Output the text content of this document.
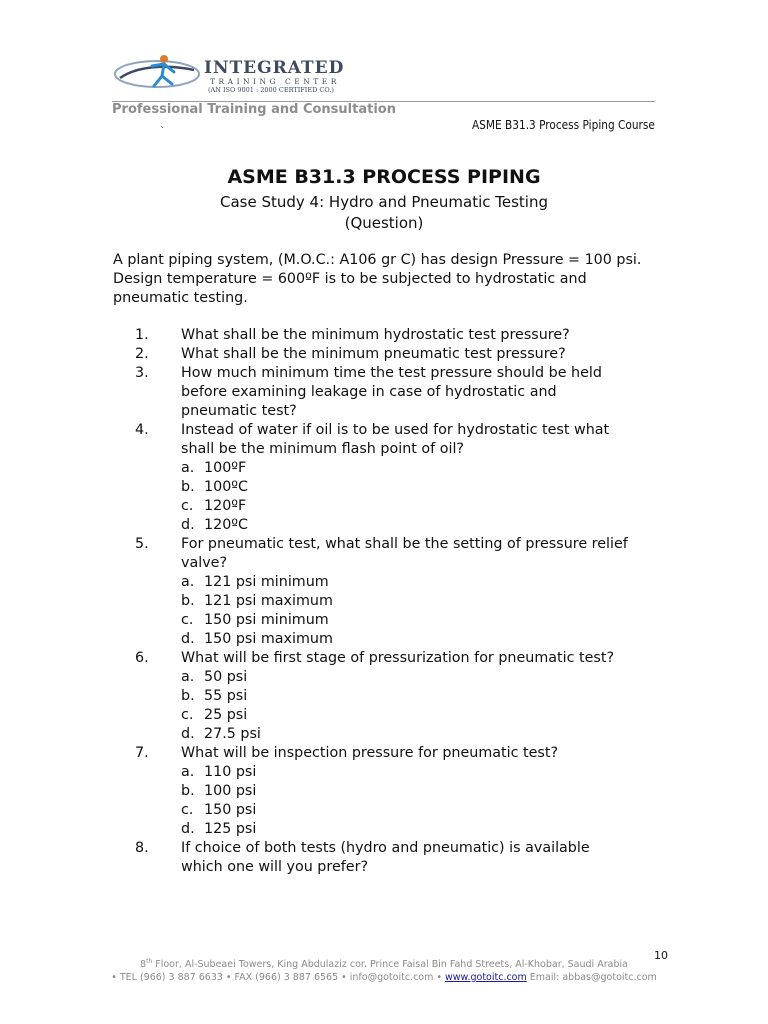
INTEGRATED
TRAINING CENTER
(AN ISO 9001 : 2000 CERTIFIED CO.)
Professional Training and Consultation
`	ASME B31.3 Process Piping Course
ASME B31.3 PROCESS PIPING
Case Study 4: Hydro and Pneumatic Testing
(Question)
A plant piping system, (M.O.C.: A106 gr C) has design Pressure = 100 psi. Design temperature = 600ºF is to be subjected to hydrostatic and pneumatic testing.
1. What shall be the minimum hydrostatic test pressure?
2. What shall be the minimum pneumatic test pressure?
3. How much minimum time the test pressure should be held
before examining leakage in case of hydrostatic and
pneumatic test?
4. Instead of water if oil is to be used for hydrostatic test what
shall be the minimum flash point of oil?
a. 100ºF
b. 100ºC
c. 120ºF
d. 120ºC
5. For pneumatic test, what shall be the setting of pressure relief
valve?
a. 121 psi minimum
b. 121 psi maximum
c. 150 psi minimum
d. 150 psi maximum
6. What will be first stage of pressurization for pneumatic test?
a. 50 psi
b. 55 psi
c. 25 psi
d. 27.5 psi
7. What will be inspection pressure for pneumatic test?
a. 110 psi
b. 100 psi
c. 150 psi
d. 125 psi
8. If choice of both tests (hydro and pneumatic) is available
which one will you prefer?
10
8th Floor, Al-Subeaei Towers, King Abdulaziz cor. Prince Faisal Bin Fahd Streets, Al-Khobar, Saudi Arabia
• TEL (966) 3 887 6633 • FAX (966) 3 887 6565 • info@gotoitc.com • www.gotoitc.com Email: abbas@gotoitc.com
